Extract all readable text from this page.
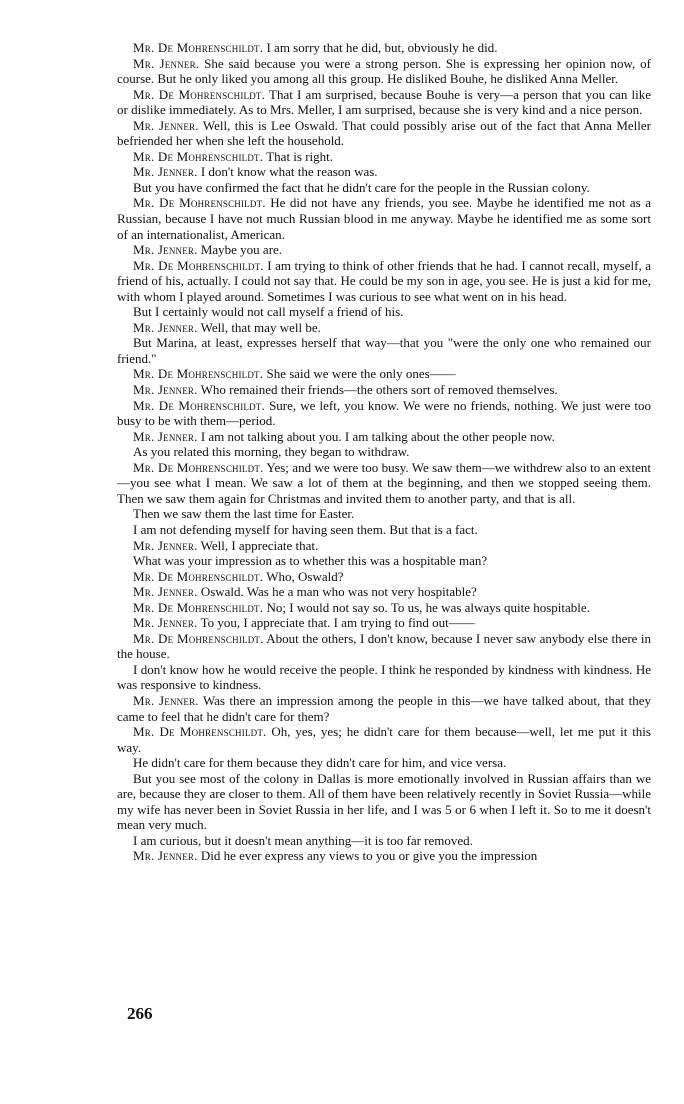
Mr. De Mohrenschildt. I am sorry that he did, but, obviously he did.

Mr. Jenner. She said because you were a strong person. She is expressing her opinion now, of course. But he only liked you among all this group. He disliked Bouhe, he disliked Anna Meller.

Mr. De Mohrenschildt. That I am surprised, because Bouhe is very—a person that you can like or dislike immediately. As to Mrs. Meller, I am surprised, because she is very kind and a nice person.

Mr. Jenner. Well, this is Lee Oswald. That could possibly arise out of the fact that Anna Meller befriended her when she left the household.

Mr. De Mohrenschildt. That is right.

Mr. Jenner. I don't know what the reason was.

But you have confirmed the fact that he didn't care for the people in the Russian colony.

Mr. De Mohrenschildt. He did not have any friends, you see. Maybe he identified me not as a Russian, because I have not much Russian blood in me anyway. Maybe he identified me as some sort of an internationalist, American.

Mr. Jenner. Maybe you are.

Mr. De Mohrenschildt. I am trying to think of other friends that he had. I cannot recall, myself, a friend of his, actually. I could not say that. He could be my son in age, you see. He is just a kid for me, with whom I played around. Sometimes I was curious to see what went on in his head.

But I certainly would not call myself a friend of his.

Mr. Jenner. Well, that may well be.

But Marina, at least, expresses herself that way—that you "were the only one who remained our friend."

Mr. De Mohrenschildt. She said we were the only ones——

Mr. Jenner. Who remained their friends—the others sort of removed themselves.

Mr. De Mohrenschildt. Sure, we left, you know. We were no friends, nothing. We just were too busy to be with them—period.

Mr. Jenner. I am not talking about you. I am talking about the other people now.

As you related this morning, they began to withdraw.

Mr. De Mohrenschildt. Yes; and we were too busy. We saw them—we withdrew also to an extent—you see what I mean. We saw a lot of them at the beginning, and then we stopped seeing them. Then we saw them again for Christmas and invited them to another party, and that is all.

Then we saw them the last time for Easter.

I am not defending myself for having seen them. But that is a fact.

Mr. Jenner. Well, I appreciate that.

What was your impression as to whether this was a hospitable man?

Mr. De Mohrenschildt. Who, Oswald?

Mr. Jenner. Oswald. Was he a man who was not very hospitable?

Mr. De Mohrenschildt. No; I would not say so. To us, he was always quite hospitable.

Mr. Jenner. To you, I appreciate that. I am trying to find out——

Mr. De Mohrenschildt. About the others, I don't know, because I never saw anybody else there in the house.

I don't know how he would receive the people. I think he responded by kindness with kindness. He was responsive to kindness.

Mr. Jenner. Was there an impression among the people in this—we have talked about, that they came to feel that he didn't care for them?

Mr. De Mohrenschildt. Oh, yes, yes; he didn't care for them because—well, let me put it this way.

He didn't care for them because they didn't care for him, and vice versa.

But you see most of the colony in Dallas is more emotionally involved in Russian affairs than we are, because they are closer to them. All of them have been relatively recently in Soviet Russia—while my wife has never been in Soviet Russia in her life, and I was 5 or 6 when I left it. So to me it doesn't mean very much.

I am curious, but it doesn't mean anything—it is too far removed.

Mr. Jenner. Did he ever express any views to you or give you the impression

266
